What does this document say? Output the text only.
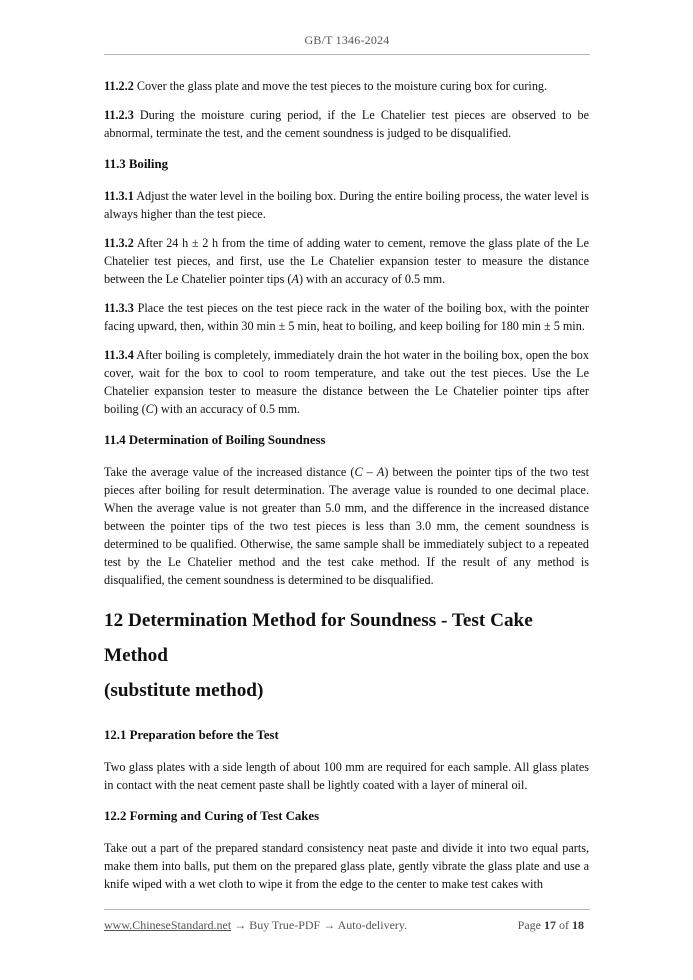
GB/T 1346-2024

11.2.2 Cover the glass plate and move the test pieces to the moisture curing box for curing.

11.2.3 During the moisture curing period, if the Le Chatelier test pieces are observed to be abnormal, terminate the test, and the cement soundness is judged to be disqualified.

11.3 Boiling

11.3.1 Adjust the water level in the boiling box. During the entire boiling process, the water level is always higher than the test piece.

11.3.2 After 24 h ± 2 h from the time of adding water to cement, remove the glass plate of the Le Chatelier test pieces, and first, use the Le Chatelier expansion tester to measure the distance between the Le Chatelier pointer tips (A) with an accuracy of 0.5 mm.

11.3.3 Place the test pieces on the test piece rack in the water of the boiling box, with the pointer facing upward, then, within 30 min ± 5 min, heat to boiling, and keep boiling for 180 min ± 5 min.

11.3.4 After boiling is completely, immediately drain the hot water in the boiling box, open the box cover, wait for the box to cool to room temperature, and take out the test pieces. Use the Le Chatelier expansion tester to measure the distance between the Le Chatelier pointer tips after boiling (C) with an accuracy of 0.5 mm.

11.4 Determination of Boiling Soundness

Take the average value of the increased distance (C – A) between the pointer tips of the two test pieces after boiling for result determination. The average value is rounded to one decimal place. When the average value is not greater than 5.0 mm, and the difference in the increased distance between the pointer tips of the two test pieces is less than 3.0 mm, the cement soundness is determined to be qualified. Otherwise, the same sample shall be immediately subject to a repeated test by the Le Chatelier method and the test cake method. If the result of any method is disqualified, the cement soundness is determined to be disqualified.

12 Determination Method for Soundness - Test Cake Method
(substitute method)
12.1 Preparation before the Test

Two glass plates with a side length of about 100 mm are required for each sample. All glass plates in contact with the neat cement paste shall be lightly coated with a layer of mineral oil.

12.2 Forming and Curing of Test Cakes

Take out a part of the prepared standard consistency neat paste and divide it into two equal parts, make them into balls, put them on the prepared glass plate, gently vibrate the glass plate and use a knife wiped with a wet cloth to wipe it from the edge to the center to make test cakes with

www.ChineseStandard.net → Buy True-PDF → Auto-delivery.	Page 17 of 18
